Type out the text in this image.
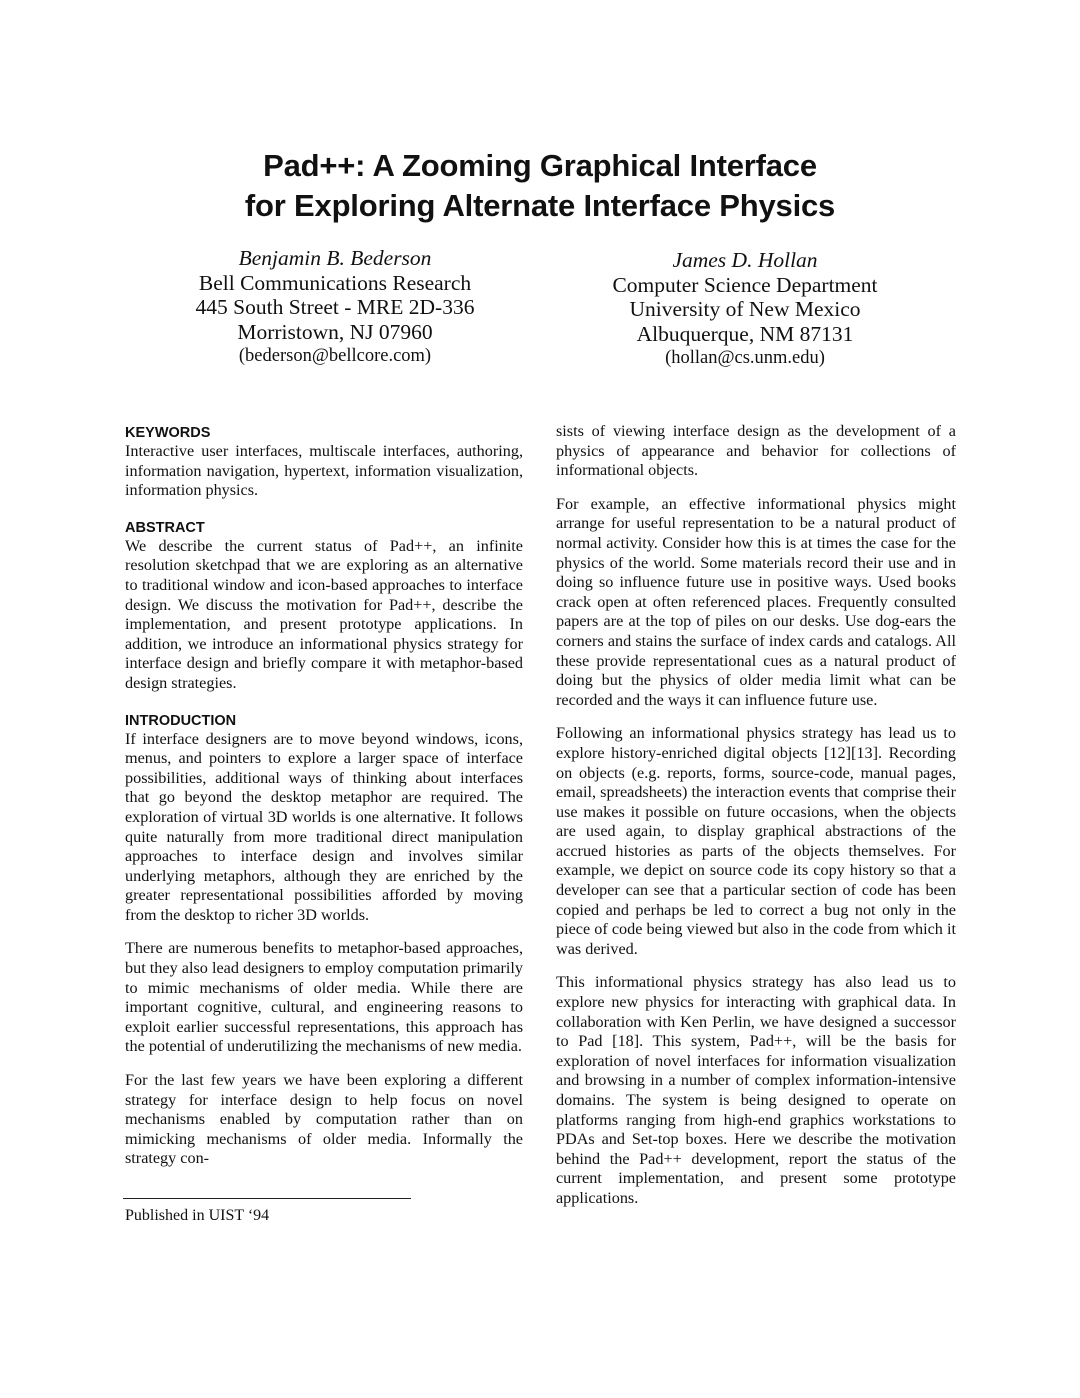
Pad++: A Zooming Graphical Interface
for Exploring Alternate Interface Physics
Benjamin B. Bederson
Bell Communications Research
445 South Street - MRE 2D-336
Morristown, NJ 07960
(bederson@bellcore.com)
James D. Hollan
Computer Science Department
University of New Mexico
Albuquerque, NM 87131
(hollan@cs.unm.edu)
KEYWORDS

Interactive user interfaces, multiscale interfaces, authoring, information navigation, hypertext, information visualization, information physics.

ABSTRACT

We describe the current status of Pad++, an infinite resolution sketchpad that we are exploring as an alternative to traditional window and icon-based approaches to interface design. We discuss the motivation for Pad++, describe the implementation, and present prototype applications. In addition, we introduce an informational physics strategy for interface design and briefly compare it with metaphor-based design strategies.

INTRODUCTION

If interface designers are to move beyond windows, icons, menus, and pointers to explore a larger space of interface possibilities, additional ways of thinking about interfaces that go beyond the desktop metaphor are required. The exploration of virtual 3D worlds is one alternative. It follows quite naturally from more traditional direct manipulation approaches to interface design and involves similar underlying metaphors, although they are enriched by the greater representational possibilities afforded by moving from the desktop to richer 3D worlds.

There are numerous benefits to metaphor-based approaches, but they also lead designers to employ computation primarily to mimic mechanisms of older media. While there are important cognitive, cultural, and engineering reasons to exploit earlier successful representations, this approach has the potential of underutilizing the mechanisms of new media.

For the last few years we have been exploring a different strategy for interface design to help focus on novel mechanisms enabled by computation rather than on mimicking mechanisms of older media. Informally the strategy con-

sists of viewing interface design as the development of a physics of appearance and behavior for collections of informational objects.

For example, an effective informational physics might arrange for useful representation to be a natural product of normal activity. Consider how this is at times the case for the physics of the world. Some materials record their use and in doing so influence future use in positive ways. Used books crack open at often referenced places. Frequently consulted papers are at the top of piles on our desks. Use dog-ears the corners and stains the surface of index cards and catalogs. All these provide representational cues as a natural product of doing but the physics of older media limit what can be recorded and the ways it can influence future use.

Following an informational physics strategy has lead us to explore history-enriched digital objects [12][13]. Recording on objects (e.g. reports, forms, source-code, manual pages, email, spreadsheets) the interaction events that comprise their use makes it possible on future occasions, when the objects are used again, to display graphical abstractions of the accrued histories as parts of the objects themselves. For example, we depict on source code its copy history so that a developer can see that a particular section of code has been copied and perhaps be led to correct a bug not only in the piece of code being viewed but also in the code from which it was derived.

This informational physics strategy has also lead us to explore new physics for interacting with graphical data. In collaboration with Ken Perlin, we have designed a successor to Pad [18]. This system, Pad++, will be the basis for exploration of novel interfaces for information visualization and browsing in a number of complex information-intensive domains. The system is being designed to operate on platforms ranging from high-end graphics workstations to PDAs and Set-top boxes. Here we describe the motivation behind the Pad++ development, report the status of the current implementation, and present some prototype applications.

Published in UIST ‘94
